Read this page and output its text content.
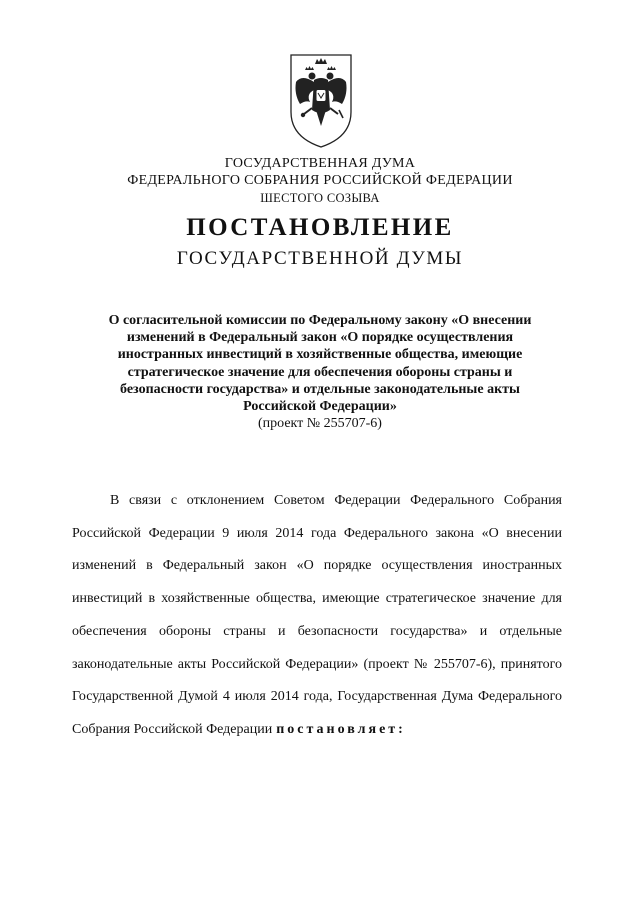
ГОСУДАРСТВЕННАЯ ДУМА
ФЕДЕРАЛЬНОГО СОБРАНИЯ РОССИЙСКОЙ ФЕДЕРАЦИИ
ШЕСТОГО СОЗЫВА
ПОСТАНОВЛЕНИЕ
ГОСУДАРСТВЕННОЙ ДУМЫ
О согласительной комиссии по Федеральному закону «О внесении
изменений в Федеральный закон «О порядке осуществления
иностранных инвестиций в хозяйственные общества, имеющие
стратегическое значение для обеспечения обороны страны и
безопасности государства» и отдельные законодательные акты
Российской Федерации»
(проект № 255707-6)
В связи с отклонением Советом Федерации Федерального Собрания Российской Федерации 9 июля 2014 года Федерального закона «О внесении изменений в Федеральный закон «О порядке осуществления иностранных инвестиций в хозяйственные общества, имеющие стратегическое значение для обеспечения обороны страны и безопасности государства» и отдельные законодательные акты Российской Федерации» (проект № 255707-6), принятого Государственной Думой 4 июля 2014 года, Государственная Дума Федерального Собрания Российской Федерации постановляет:
